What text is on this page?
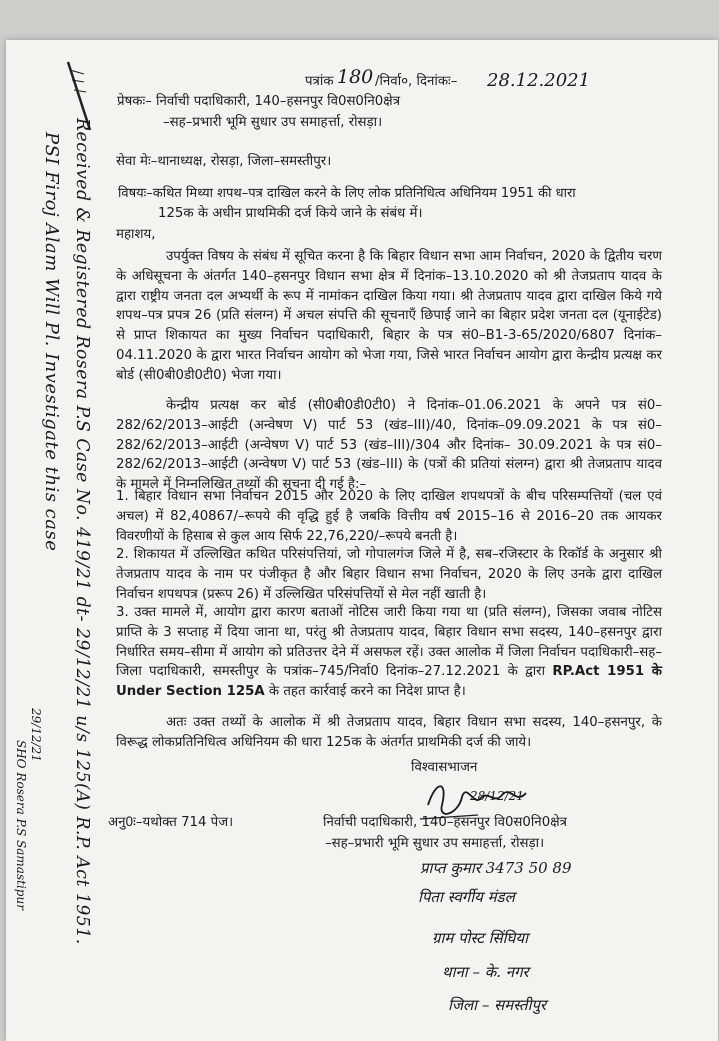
पत्रांक 180 /निर्वा०, दिनांकः– 28.12.2021
प्रेषकः– निर्वाची पदाधिकारी, 140–हसनपुर वि0स0नि0क्षेत्र
–सह–प्रभारी भूमि सुधार उप समाहर्त्ता, रोसड़ा।
सेवा मेः–थानाध्यक्ष, रोसड़ा, जिला–समस्तीपुर।
विषयः–कथित मिथ्या शपथ–पत्र दाखिल करने के लिए लोक प्रतिनिधित्व अधिनियम 1951 की धारा
125क के अधीन प्राथमिकी दर्ज किये जाने के संबंध में।
महाशय,
उपर्युक्त विषय के संबंध में सूचित करना है कि बिहार विधान सभा आम निर्वाचन, 2020 के द्वितीय चरण के अधिसूचना के अंतर्गत 140–हसनपुर विधान सभा क्षेत्र में दिनांक–13.10.2020 को श्री तेजप्रताप यादव के द्वारा राष्ट्रीय जनता दल अभ्यर्थी के रूप में नामांकन दाखिल किया गया। श्री तेजप्रताप यादव द्वारा दाखिल किये गये शपथ–पत्र प्रपत्र 26 (प्रति संलग्न) में अचल संपत्ति की सूचनाएँ छिपाई जाने का बिहार प्रदेश जनता दल (यूनाईटेड) से प्राप्त शिकायत का मुख्य निर्वाचन पदाधिकारी, बिहार के पत्र सं0–B1-3-65/2020/6807 दिनांक–04.11.2020 के द्वारा भारत निर्वाचन आयोग को भेजा गया, जिसे भारत निर्वाचन आयोग द्वारा केन्द्रीय प्रत्यक्ष कर बोर्ड (सी0बी0डी0टी0) भेजा गया।
केन्द्रीय प्रत्यक्ष कर बोर्ड (सी0बी0डी0टी0) ने दिनांक–01.06.2021 के अपने पत्र सं0–282/62/2013–आईटी (अन्वेषण V) पार्ट 53 (खंड–III)/40, दिनांक–09.09.2021 के पत्र सं0–282/62/2013–आईटी (अन्वेषण V) पार्ट 53 (खंड–III)/304 और दिनांक– 30.09.2021 के पत्र सं0–282/62/2013–आईटी (अन्वेषण V) पार्ट 53 (खंड–III) के (पत्रों की प्रतियां संलग्न) द्वारा श्री तेजप्रताप यादव के मामले में निम्नलिखित तथ्यों की सूचना दी गई है:–
1. बिहार विधान सभा निर्वाचन 2015 और 2020 के लिए दाखिल शपथपत्रों के बीच परिसम्पत्तियों (चल एवं अचल) में 82,40867/–रूपये की वृद्धि हुई है जबकि वित्तीय वर्ष 2015–16 से 2016–20 तक आयकर विवरणीयों के हिसाब से कुल आय सिर्फ 22,76,220/–रूपये बनती है।
2. शिकायत में उल्लिखित कथित परिसंपत्तियां, जो गोपालगंज जिले में है, सब–रजिस्टार के रिकॉर्ड के अनुसार श्री तेजप्रताप यादव के नाम पर पंजीकृत है और बिहार विधान सभा निर्वाचन, 2020 के लिए उनके द्वारा दाखिल निर्वाचन शपथपत्र (प्ररूप 26) में उल्लिखित परिसंपत्तियों से मेल नहीं खाती है।
3. उक्त मामले में, आयोग द्वारा कारण बताओं नोटिस जारी किया गया था (प्रति संलग्न), जिसका जवाब नोटिस प्राप्ति के 3 सप्ताह में दिया जाना था, परंतु श्री तेजप्रताप यादव, बिहार विधान सभा सदस्य, 140–हसनपुर द्वारा निर्धारित समय–सीमा में आयोग को प्रतिउत्तर देने में असफल रहें। उक्त आलोक में जिला निर्वाचन पदाधिकारी–सह–जिला पदाधिकारी, समस्तीपुर के पत्रांक–745/निर्वा0 दिनांक–27.12.2021 के द्वारा RP.Act 1951 के Under Section 125A के तहत कार्रवाई करने का निदेश प्राप्त है।
अतः उक्त तथ्यों के आलोक में श्री तेजप्रताप यादव, बिहार विधान सभा सदस्य, 140–हसनपुर, के विरूद्ध लोकप्रतिनिधित्व अधिनियम की धारा 125क के अंतर्गत प्राथमिकी दर्ज की जाये।
विश्वासभाजन
28/12/21
अनु0ः–यथोक्त 714 पेज।	निर्वाची पदाधिकारी, 140–हसनपुर वि0स0नि0क्षेत्र
–सह–प्रभारी भूमि सुधार उप समाहर्त्ता, रोसड़ा।
प्राप्त कुमार 3473 50 89
पिता स्वर्गीय मंडल
ग्राम पोस्ट सिंघिया
थाना – के. नगर
जिला – समस्तीपुर
Received & Registered Rosera P.S Case No. 419/21 dt- 29/12/21 u/s 125(A) R.P. Act 1951.
PSI Firoj Alam Will Pl. Investigate this case
29/12/21
SHO Rosera P.S Samastipur
